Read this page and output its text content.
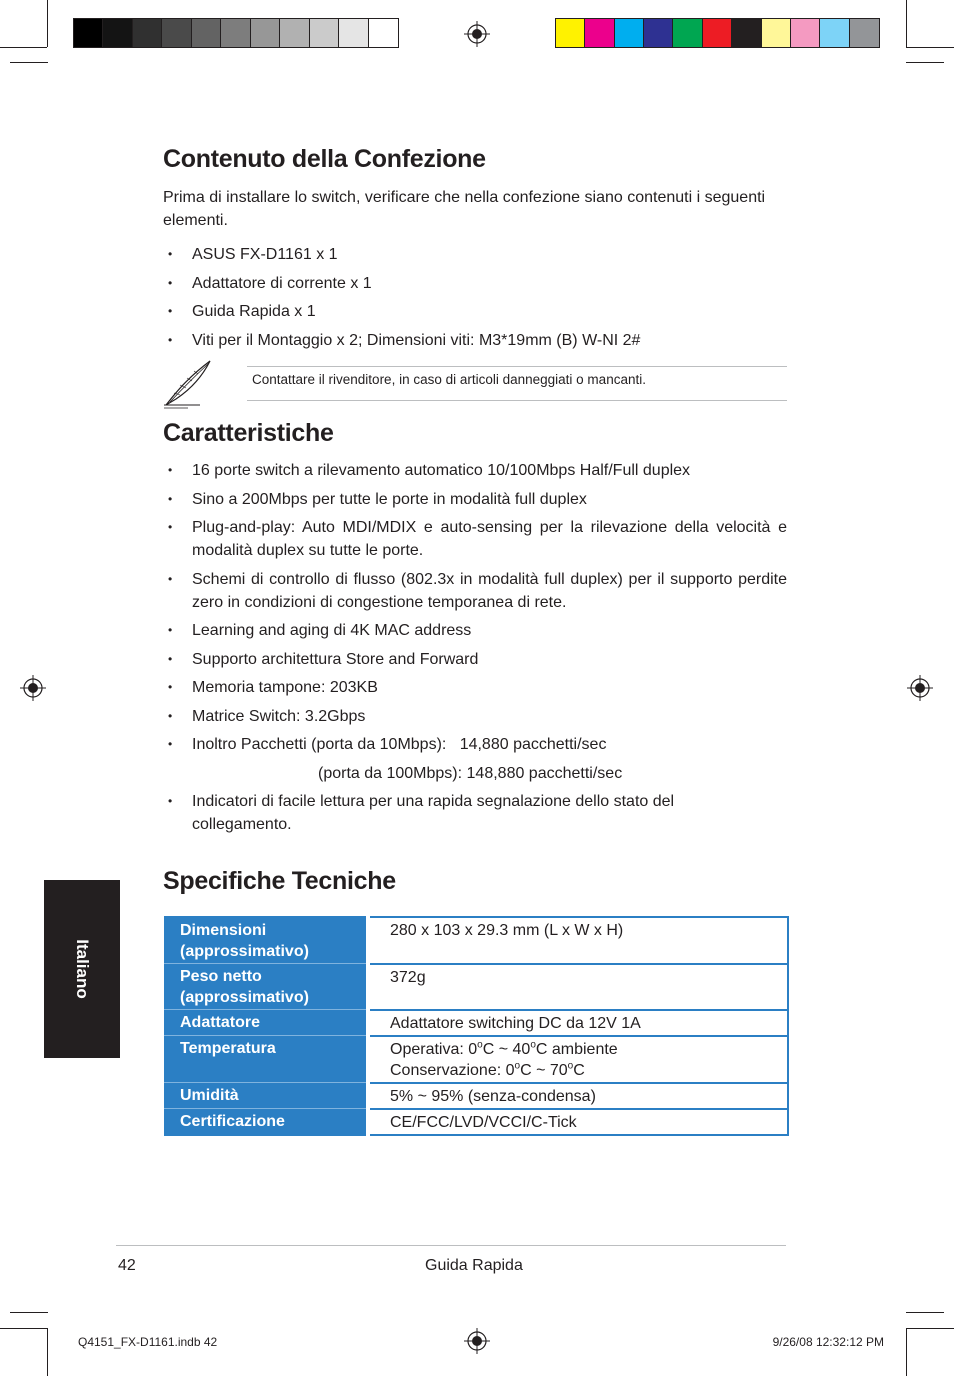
Contenuto della Confezione

Prima di installare lo switch, verificare che nella confezione siano contenuti i seguenti elementi.

• ASUS FX-D1161 x 1
• Adattatore di corrente x 1
• Guida Rapida x 1
• Viti per il Montaggio x 2; Dimensioni viti: M3*19mm (B) W-NI 2#
Contattare il rivenditore, in caso di articoli danneggiati o mancanti.
Caratteristiche
• 16 porte switch a rilevamento automatico 10/100Mbps Half/Full duplex
• Sino a 200Mbps per tutte le porte in modalità full duplex
• Plug-and-play: Auto MDI/MDIX e auto-sensing per la rilevazione della velocità e modalità duplex su tutte le porte.
• Schemi di controllo di flusso (802.3x in modalità full duplex) per il supporto perdite zero in condizioni di congestione temporanea di rete.
• Learning and aging di 4K MAC address
• Supporto architettura Store and Forward
• Memoria tampone: 203KB
• Matrice Switch: 3.2Gbps
• Inoltro Pacchetti (porta da 10Mbps):   14,880 pacchetti/sec
(porta da 100Mbps): 148,880 pacchetti/sec
• Indicatori di facile lettura per una rapida segnalazione dello stato del collegamento.
Specifiche Tecniche
Dimensioni (approssimativo)	280 x 103 x 29.3 mm (L x W x H)
Peso netto (approssimativo)	372g
Adattatore	Adattatore switching DC da 12V 1A
Temperatura	Operativa: 0$^o$C ~ 40$^o$C ambiente
Conservazione: 0$^o$C ~ 70$^o$C
Umidità	5% ~ 95% (senza-condensa)
Certificazione	CE/FCC/LVD/VCCI/C-Tick
Italiano
42	Guida Rapida
Q4151_FX-D1161.indb 42	9/26/08 12:32:12 PM
